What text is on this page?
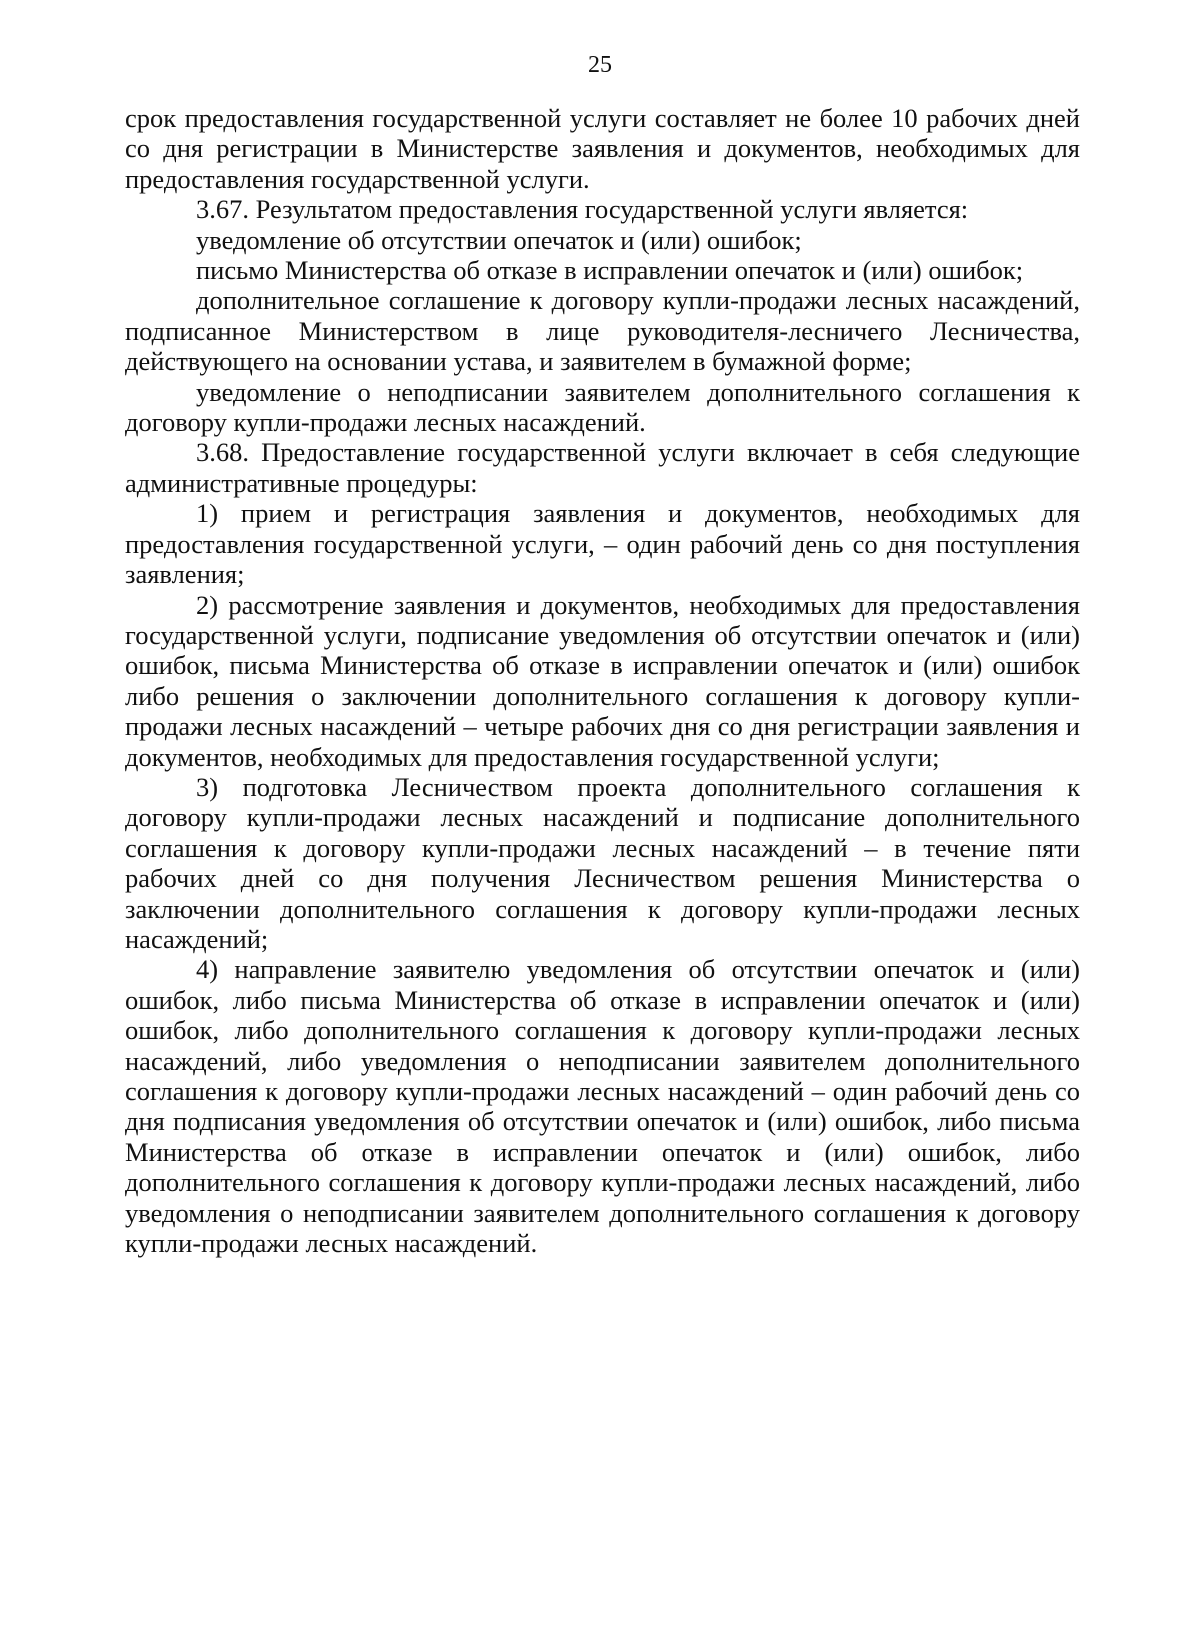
25

срок предоставления государственной услуги составляет не более 10 рабочих дней со дня регистрации в Министерстве заявления и документов, необходимых для предоставления государственной услуги.

3.67. Результатом предоставления государственной услуги является:

уведомление об отсутствии опечаток и (или) ошибок;

письмо Министерства об отказе в исправлении опечаток и (или) ошибок;

дополнительное соглашение к договору купли-продажи лесных насаждений, подписанное Министерством в лице руководителя-лесничего Лесничества, действующего на основании устава, и заявителем в бумажной форме;

уведомление о неподписании заявителем дополнительного соглашения к договору купли-продажи лесных насаждений.

3.68. Предоставление государственной услуги включает в себя следующие административные процедуры:

1) прием и регистрация заявления и документов, необходимых для предоставления государственной услуги, – один рабочий день со дня поступления заявления;

2) рассмотрение заявления и документов, необходимых для предоставления государственной услуги, подписание уведомления об отсутствии опечаток и (или) ошибок, письма Министерства об отказе в исправлении опечаток и (или) ошибок либо решения о заключении дополнительного соглашения к договору купли-продажи лесных насаждений – четыре рабочих дня со дня регистрации заявления и документов, необходимых для предоставления государственной услуги;

3) подготовка Лесничеством проекта дополнительного соглашения к договору купли-продажи лесных насаждений и подписание дополнительного соглашения к договору купли-продажи лесных насаждений – в течение пяти рабочих дней со дня получения Лесничеством решения Министерства о заключении дополнительного соглашения к договору купли-продажи лесных насаждений;

4) направление заявителю уведомления об отсутствии опечаток и (или) ошибок, либо письма Министерства об отказе в исправлении опечаток и (или) ошибок, либо дополнительного соглашения к договору купли-продажи лесных насаждений, либо уведомления о неподписании заявителем дополнительного соглашения к договору купли-продажи лесных насаждений – один рабочий день со дня подписания уведомления об отсутствии опечаток и (или) ошибок, либо письма Министерства об отказе в исправлении опечаток и (или) ошибок, либо дополнительного соглашения к договору купли-продажи лесных насаждений, либо уведомления о неподписании заявителем дополнительного соглашения к договору купли-продажи лесных насаждений.
